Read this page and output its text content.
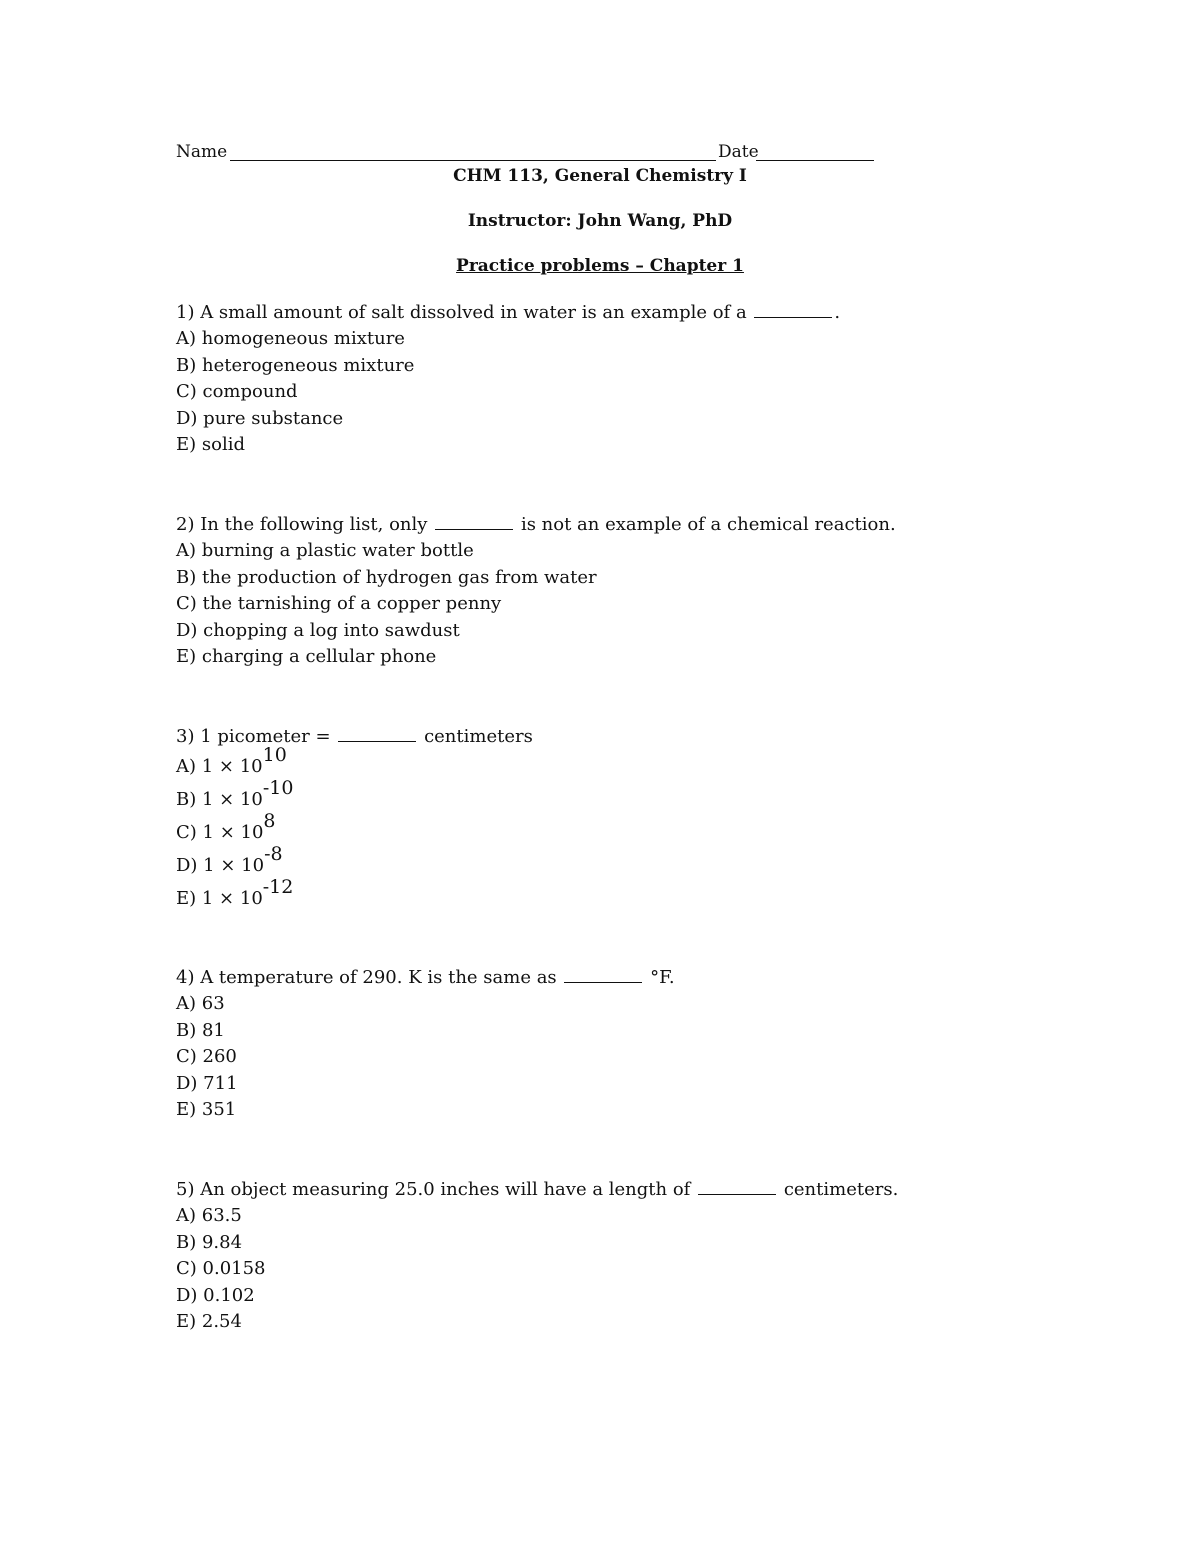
Name	Date
CHM 113, General Chemistry I
Instructor: John Wang, PhD
Practice problems – Chapter 1
1) A small amount of salt dissolved in water is an example of a	.
A) homogeneous mixture
B) heterogeneous mixture
C) compound
D) pure substance
E) solid
2) In the following list, only	is not an example of a chemical reaction.
A) burning a plastic water bottle
B) the production of hydrogen gas from water
C) the tarnishing of a copper penny
D) chopping a log into sawdust
E) charging a cellular phone
3) 1 picometer =	centimeters
A) $1 \times 10^{10}$
B) $1 \times 10^{-10}$
C) $1 \times 10^8$
D) $1 \times 10^{-8}$
E) $1 \times 10^{-12}$
4) A temperature of 290. K is the same as	°F.
A) 63
B) 81
C) 260
D) 711
E) 351
5) An object measuring 25.0 inches will have a length of	centimeters.
A) 63.5
B) 9.84
C) 0.0158
D) 0.102
E) 2.54
